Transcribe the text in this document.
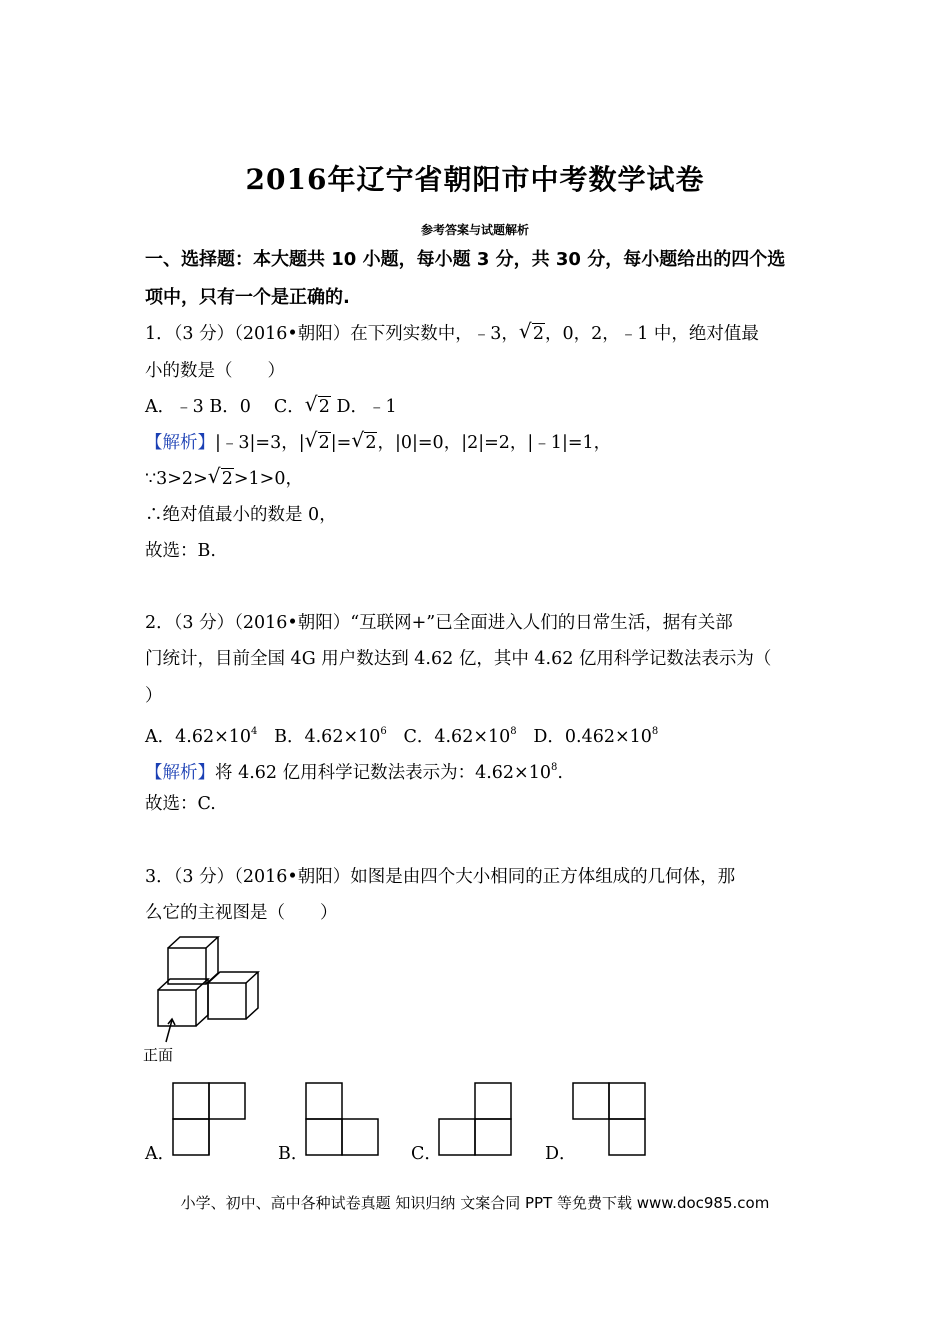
2016年辽宁省朝阳市中考数学试卷
参考答案与试题解析
一、选择题：本大题共 10 小题，每小题 3 分，共 30 分，每小题给出的四个选
项中，只有一个是正确的.
1．（3 分）（2016•朝阳）在下列实数中，﹣3， √ 2，0，2，﹣1 中，绝对值最
小的数是（　　）
A．﹣3 B．0　 C． √ 2 D．﹣1
【解析】|﹣3|=3，| √ 2|= √ 2，|0|=0，|2|=2，|﹣1|=1，
∵3>2> √ 2>1>0，
∴绝对值最小的数是 0，
故选：B.
2．（3 分）（2016•朝阳）“互联网+”已全面进入人们的日常生活，据有关部
门统计，目前全国 4G 用户数达到 4.62 亿，其中 4.62 亿用科学记数法表示为（
）
A．$4.62\times 10^4$ B．$4.62\times 10^6$ C．$4.62\times 10^8$ D．$0.462\times 10^8$
【解析】将 4.62 亿用科学记数法表示为：$4.62\times 10^8$.
故选：C.
3．（3 分）（2016•朝阳）如图是由四个大小相同的正方体组成的几何体，那
么它的主视图是（　　）
正面
A．	B．	C．	D．
小学、初中、高中各种试卷真题 知识归纳 文案合同 PPT 等免费下载 www.doc985.com
